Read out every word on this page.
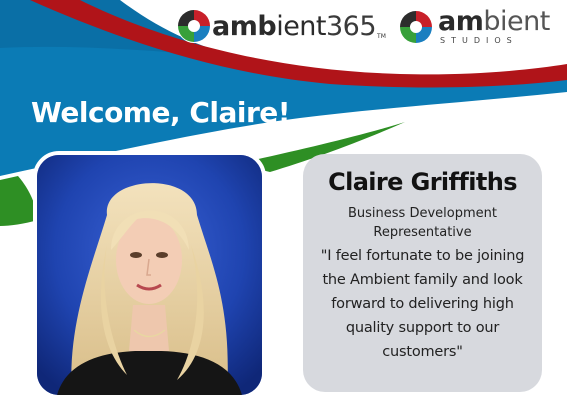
ambient365TM ambient
STUDIOS
Welcome, Claire!
Claire Griffiths
Business Development Representative
"I feel fortunate to be joining the Ambient family and look forward to delivering high quality support to our customers"
